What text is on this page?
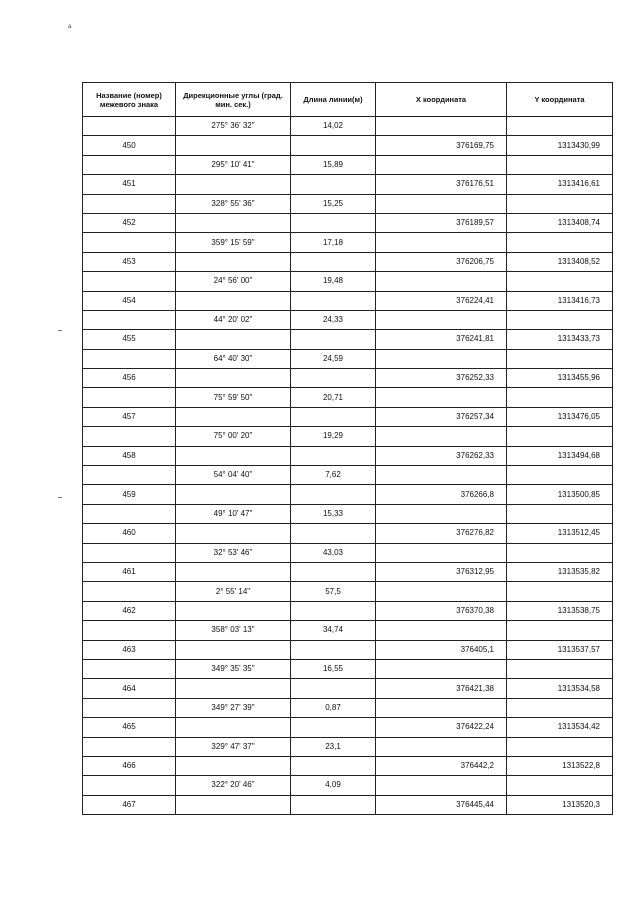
a
Название (номер) межевого знака	Дирекционные углы (град. мин. сек.)	Длина линии(м)	X координата	Y координата
	275° 36' 32"	14,02		
450			376169,75	1313430,99
	295° 10' 41"	15,89		
451			376176,51	1313416,61
	328° 55' 36"	15,25		
452			376189,57	1313408,74
	359° 15' 59"	17,18		
453			376206,75	1313408,52
	24° 56' 00"	19,48		
454			376224,41	1313416,73
	44° 20' 02"	24,33		
455			376241,81	1313433,73
	64° 40' 30"	24,59		
456			376252,33	1313455,96
	75° 59' 50"	20,71		
457			376257,34	1313476,05
	75° 00' 20"	19,29		
458			376262,33	1313494,68
	54° 04' 40"	7,62		
459			376266,8	1313500,85
	49° 10' 47"	15,33		
460			376276,82	1313512,45
	32° 53' 46"	43,03		
461			376312,95	1313535,82
	2° 55' 14"	57,5		
462			376370,38	1313538,75
	358° 03' 13"	34,74		
463			376405,1	1313537,57
	349° 35' 35"	16,55		
464			376421,38	1313534,58
	349° 27' 39"	0,87		
465			376422,24	1313534,42
	329° 47' 37"	23,1		
466			376442,2	1313522,8
	322° 20' 46"	4,09		
467			376445,44	1313520,3
